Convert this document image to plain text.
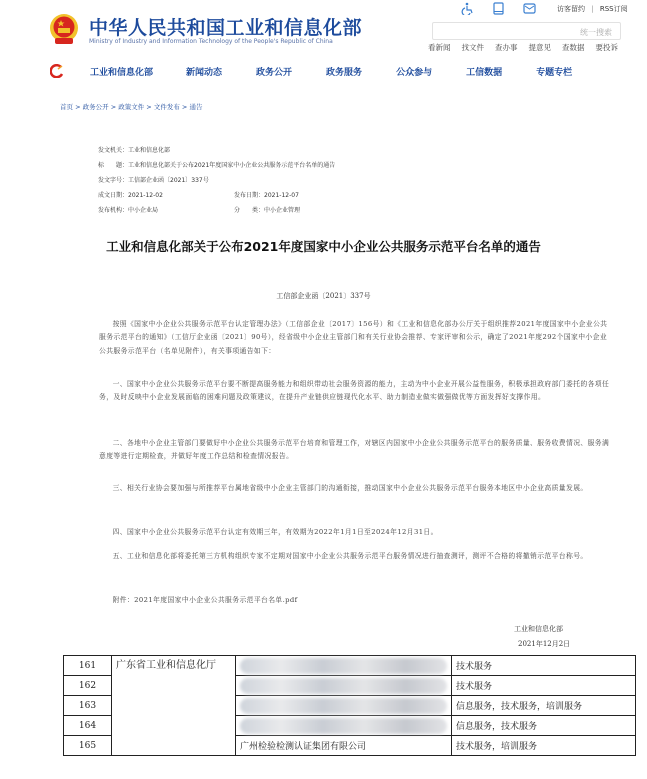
中华人民共和国工业和信息化部
Ministry of Industry and Information Technology of the People's Republic of China
访客留约 | RSS订阅
统一搜索
看新闻 找文件 查办事 提意见 查数据 要投诉
工业和信息化部	新闻动态	政务公开	政务服务	公众参与	工信数据	专题专栏
首页 > 政务公开 > 政策文件 > 文件发布 > 通告
发文机关： 工业和信息化部
标　　题： 工业和信息化部关于公布2021年度国家中小企业公共服务示范平台名单的通告
发文字号： 工信部企业函〔2021〕337号
成文日期： 2021-12-02	发布日期：2021-12-07
发布机构： 中小企业局	分　　类：中小企业管理
工业和信息化部关于公布2021年度国家中小企业公共服务示范平台名单的通告
工信部企业函〔2021〕337号
按照《国家中小企业公共服务示范平台认定管理办法》（工信部企业〔2017〕156号）和《工业和信息化部办公厅关于组织推荐2021年度国家中小企业公共服务示范平台的通知》（工信厅企业函〔2021〕90号），经省级中小企业主管部门和有关行业协会推荐、专家评审和公示，确定了2021年度292个国家中小企业公共服务示范平台（名单见附件），有关事项通告如下：
一、国家中小企业公共服务示范平台要不断提高服务能力和组织带动社会服务资源的能力，主动为中小企业开展公益性服务，积极承担政府部门委托的各项任务，及时反映中小企业发展面临的困难问题及政策建议，在提升产业链供应链现代化水平、助力制造业做实做强做优等方面发挥好支撑作用。
二、各地中小企业主管部门要做好中小企业公共服务示范平台培育和管理工作，对辖区内国家中小企业公共服务示范平台的服务质量、服务收费情况、服务满意度等进行定期检查，并做好年度工作总结和检查情况报告。
三、相关行业协会要加强与所推荐平台属地省级中小企业主管部门的沟通衔接，推动国家中小企业公共服务示范平台服务本地区中小企业高质量发展。
四、国家中小企业公共服务示范平台认定有效期三年，有效期为2022年1月1日至2024年12月31日。
五、工业和信息化部将委托第三方机构组织专家不定期对国家中小企业公共服务示范平台服务情况进行抽查测评，测评不合格的将撤销示范平台称号。
附件：2021年度国家中小企业公共服务示范平台名单.pdf
工业和信息化部
2021年12月2日
161	广东省工业和信息化厅		技术服务
162			技术服务
163			信息服务，技术服务，培训服务
164			信息服务，技术服务
165		广州检验检测认证集团有限公司	技术服务，培训服务
